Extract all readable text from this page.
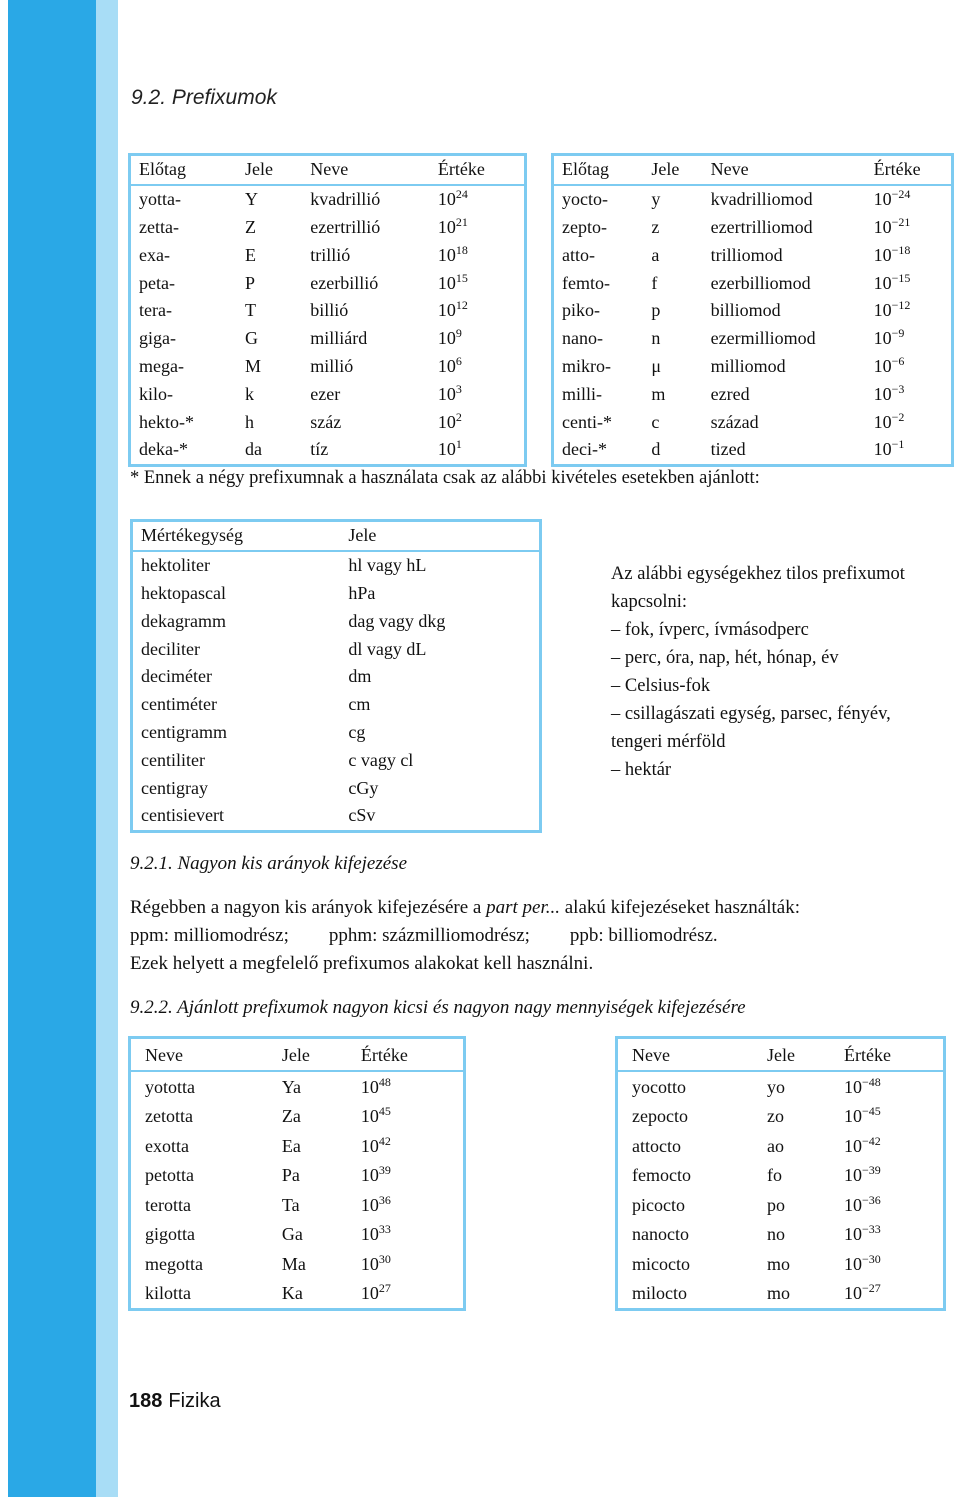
9.2. Prefixumok
Előtag	Jele	Neve	Értéke
yotta-	Y	kvadrillió	$10^{24}$
zetta-	Z	ezertrillió	$10^{21}$
exa-	E	trillió	$10^{18}$
peta-	P	ezerbillió	$10^{15}$
tera-	T	billió	$10^{12}$
giga-	G	milliárd	$10^9$
mega-	M	millió	$10^6$
kilo-	k	ezer	$10^3$
hekto-*	h	száz	$10^2$
deka-*	da	tíz	$10^1$
Előtag	Jele	Neve	Értéke
yocto-	y	kvadrilliomod	$10^{-24}$
zepto-	z	ezertrilliomod	$10^{-21}$
atto-	a	trilliomod	$10^{-18}$
femto-	f	ezerbilliomod	$10^{-15}$
piko-	p	billiomod	$10^{-12}$
nano-	n	ezermilliomod	$10^{-9}$
mikro-	μ	milliomod	$10^{-6}$
milli-	m	ezred	$10^{-3}$
centi-*	c	század	$10^{-2}$
deci-*	d	tized	$10^{-1}$
* Ennek a négy prefixumnak a használata csak az alábbi kivételes esetekben ajánlott:
Mértékegység	Jele
hektoliter	hl vagy hL
hektopascal	hPa
dekagramm	dag vagy dkg
deciliter	dl vagy dL
deciméter	dm
centiméter	cm
centigramm	cg
centiliter	c vagy cl
centigray	cGy
centisievert	cSv
Az alábbi egységekhez tilos prefixumot
kapcsolni:
– fok, ívperc, ívmásodperc
– perc, óra, nap, hét, hónap, év
– Celsius-fok
– csillagászati egység, parsec, fényév,
tengeri mérföld
– hektár
9.2.1. Nagyon kis arányok kifejezése
Régebben a nagyon kis arányok kifejezésére a part per... alakú kifejezéseket használták:
ppm: milliomodrész; pphm: százmilliomodrész; ppb: billiomodrész.
Ezek helyett a megfelelő prefixumos alakokat kell használni.
9.2.2. Ajánlott prefixumok nagyon kicsi és nagyon nagy mennyiségek kifejezésére
Neve	Jele	Értéke
yototta	Ya	$10^{48}$
zetotta	Za	$10^{45}$
exotta	Ea	$10^{42}$
petotta	Pa	$10^{39}$
terotta	Ta	$10^{36}$
gigotta	Ga	$10^{33}$
megotta	Ma	$10^{30}$
kilotta	Ka	$10^{27}$
Neve	Jele	Értéke
yocotto	yo	$10^{-48}$
zepocto	zo	$10^{-45}$
attocto	ao	$10^{-42}$
femocto	fo	$10^{-39}$
picocto	po	$10^{-36}$
nanocto	no	$10^{-33}$
micocto	mo	$10^{-30}$
milocto	mo	$10^{-27}$
188 Fizika
